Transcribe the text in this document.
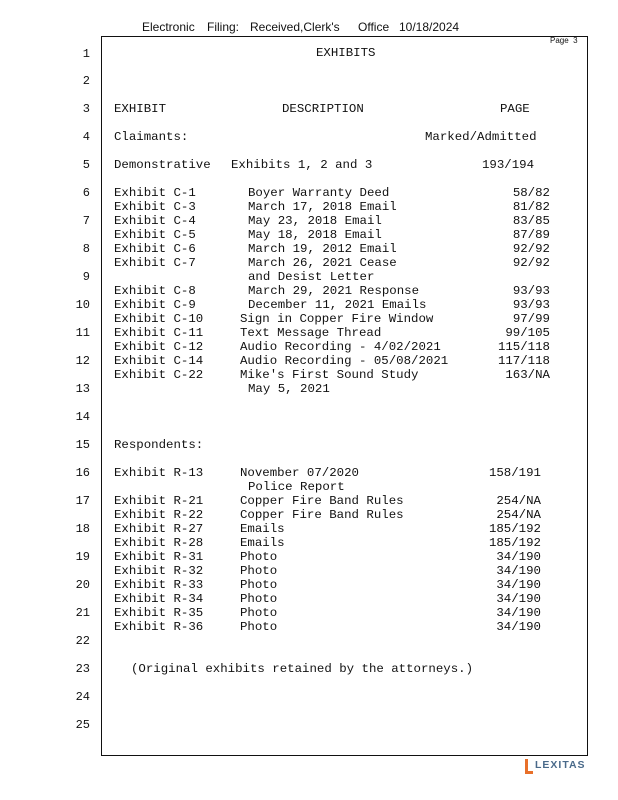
Electronic Filing: Received,Clerk's Office 10/18/2024
Page  3
1
2
3
4
5
6
7
8
9
10
11
12
13
14
15
16
17
18
19
20
21
22
23
24
25
EXHIBITS
EXHIBIT	DESCRIPTION	PAGE
Claimants:	Marked/Admitted
Demonstrative Exhibits 1, 2 and 3	193/194
Exhibit C-1	Boyer Warranty Deed	58/82
Exhibit C-3	March 17, 2018 Email	81/82
Exhibit C-4	May 23, 2018 Email	83/85
Exhibit C-5	May 18, 2018 Email	87/89
Exhibit C-6	March 19, 2012 Email	92/92
Exhibit C-7	March 26, 2021 Cease	92/92
and Desist Letter
Exhibit C-8	March 29, 2021 Response	93/93
Exhibit C-9	December 11, 2021 Emails	93/93
Exhibit C-10	Sign in Copper Fire Window	97/99
Exhibit C-11	Text Message Thread	99/105
Exhibit C-12	Audio Recording - 4/02/2021	115/118
Exhibit C-14	Audio Recording - 05/08/2021	117/118
Exhibit C-22	Mike's First Sound Study	163/NA
May 5, 2021
Respondents:
Exhibit R-13	November 07/2020	158/191
Police Report
Exhibit R-21	Copper Fire Band Rules	254/NA
Exhibit R-22	Copper Fire Band Rules	254/NA
Exhibit R-27	Emails	185/192
Exhibit R-28	Emails	185/192
Exhibit R-31	Photo	34/190
Exhibit R-32	Photo	34/190
Exhibit R-33	Photo	34/190
Exhibit R-34	Photo	34/190
Exhibit R-35	Photo	34/190
Exhibit R-36	Photo	34/190
(Original exhibits retained by the attorneys.)
LEXITAS
